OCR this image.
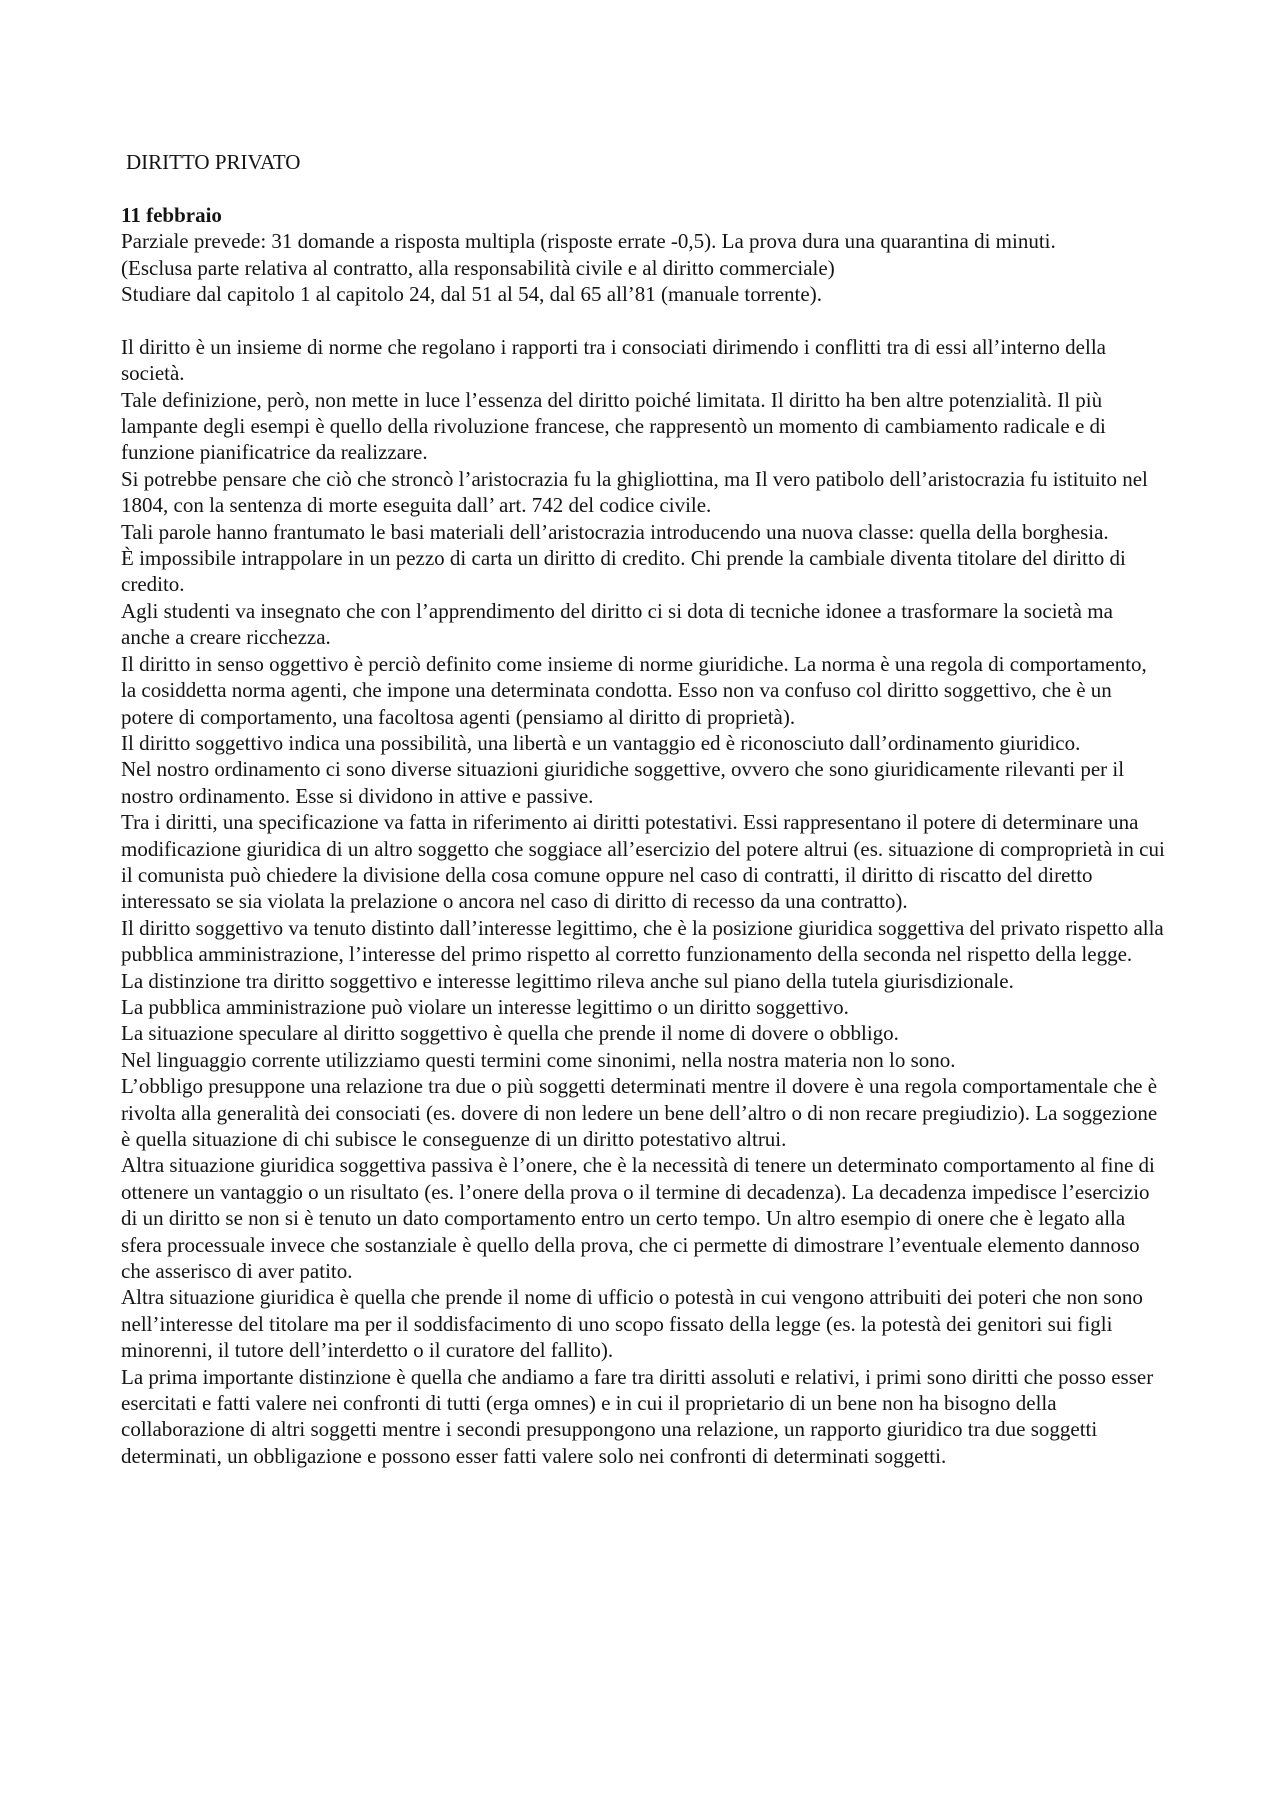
DIRITTO PRIVATO
11 febbraio
Parziale prevede: 31 domande a risposta multipla (risposte errate -0,5). La prova dura una quarantina di minuti.
(Esclusa parte relativa al contratto, alla responsabilità civile e al diritto commerciale)
Studiare dal capitolo 1 al capitolo 24, dal 51 al 54, dal 65 all’81 (manuale torrente).
Il diritto è un insieme di norme che regolano i rapporti tra i consociati dirimendo i conflitti tra di essi all’interno della società.
Tale definizione, però, non mette in luce l’essenza del diritto poiché limitata. Il diritto ha ben altre potenzialità. Il più lampante degli esempi è quello della rivoluzione francese, che rappresentò un momento di cambiamento radicale e di funzione pianificatrice da realizzare.
Si potrebbe pensare che ciò che stroncò l’aristocrazia fu la ghigliottina, ma Il vero patibolo dell’aristocrazia fu istituito nel 1804, con la sentenza di morte eseguita dall’ art. 742 del codice civile.
Tali parole hanno frantumato le basi materiali dell’aristocrazia introducendo una nuova classe: quella della borghesia.
È impossibile intrappolare in un pezzo di carta un diritto di credito. Chi prende la cambiale diventa titolare del diritto di credito.
Agli studenti va insegnato che con l’apprendimento del diritto ci si dota di tecniche idonee a trasformare la società ma anche a creare ricchezza.
Il diritto in senso oggettivo è perciò definito come insieme di norme giuridiche. La norma è una regola di comportamento, la cosiddetta norma agenti, che impone una determinata condotta. Esso non va confuso col diritto soggettivo, che è un potere di comportamento, una facoltosa agenti (pensiamo al diritto di proprietà).
Il diritto soggettivo indica una possibilità, una libertà e un vantaggio ed è riconosciuto dall’ordinamento giuridico.
Nel nostro ordinamento ci sono diverse situazioni giuridiche soggettive, ovvero che sono giuridicamente rilevanti per il nostro ordinamento. Esse si dividono in attive e passive.
Tra i diritti, una specificazione va fatta in riferimento ai diritti potestativi. Essi rappresentano il potere di determinare una modificazione giuridica di un altro soggetto che soggiace all’esercizio del potere altrui (es. situazione di comproprietà in cui il comunista può chiedere la divisione della cosa comune oppure nel caso di contratti, il diritto di riscatto del diretto interessato se sia violata la prelazione o ancora nel caso di diritto di recesso da una contratto).
Il diritto soggettivo va tenuto distinto dall’interesse legittimo, che è la posizione giuridica soggettiva del privato rispetto alla pubblica amministrazione, l’interesse del primo rispetto al corretto funzionamento della seconda nel rispetto della legge.
La distinzione tra diritto soggettivo e interesse legittimo rileva anche sul piano della tutela giurisdizionale.
La pubblica amministrazione può violare un interesse legittimo o un diritto soggettivo.
La situazione speculare al diritto soggettivo è quella che prende il nome di dovere o obbligo.
Nel linguaggio corrente utilizziamo questi termini come sinonimi, nella nostra materia non lo sono.
L’obbligo presuppone una relazione tra due o più soggetti determinati mentre il dovere è una regola comportamentale che è rivolta alla generalità dei consociati (es. dovere di non ledere un bene dell’altro o di non recare pregiudizio). La soggezione è quella situazione di chi subisce le conseguenze di un diritto potestativo altrui.
Altra situazione giuridica soggettiva passiva è l’onere, che è la necessità di tenere un determinato comportamento al fine di ottenere un vantaggio o un risultato (es. l’onere della prova o il termine di decadenza). La decadenza impedisce l’esercizio di un diritto se non si è tenuto un dato comportamento entro un certo tempo. Un altro esempio di onere che è legato alla sfera processuale invece che sostanziale è quello della prova, che ci permette di dimostrare l’eventuale elemento dannoso che asserisco di aver patito.
Altra situazione giuridica è quella che prende il nome di ufficio o potestà in cui vengono attribuiti dei poteri che non sono nell’interesse del titolare ma per il soddisfacimento di uno scopo fissato della legge (es. la potestà dei genitori sui figli minorenni, il tutore dell’interdetto o il curatore del fallito).
La prima importante distinzione è quella che andiamo a fare tra diritti assoluti e relativi, i primi sono diritti che posso esser esercitati e fatti valere nei confronti di tutti (erga omnes) e in cui il proprietario di un bene non ha bisogno della collaborazione di altri soggetti mentre i secondi presuppongono una relazione, un rapporto giuridico tra due soggetti determinati, un obbligazione e possono esser fatti valere solo nei confronti di determinati soggetti.
